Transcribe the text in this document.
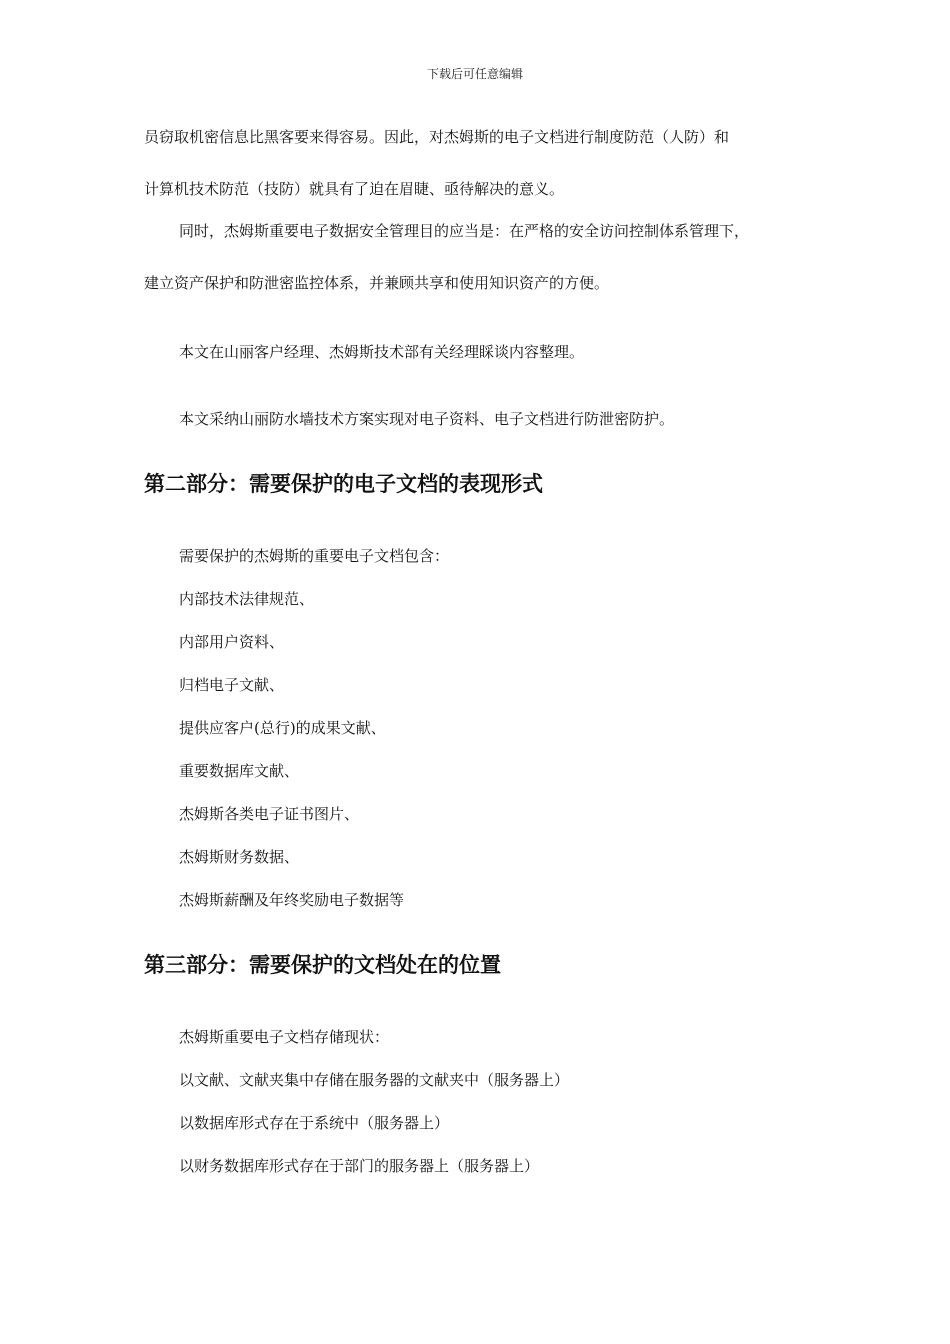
下载后可任意编辑
员窃取机密信息比黑客要来得容易。因此，对杰姆斯的电子文档进行制度防范（人防）和
计算机技术防范（技防）就具有了迫在眉睫、亟待解决的意义。
同时，杰姆斯重要电子数据安全管理目的应当是：在严格的安全访问控制体系管理下，
建立资产保护和防泄密监控体系，并兼顾共享和使用知识资产的方便。
本文在山丽客户经理、杰姆斯技术部有关经理睬谈内容整理。
本文采纳山丽防水墙技术方案实现对电子资料、电子文档进行防泄密防护。
第二部分：需要保护的电子文档的表现形式
需要保护的杰姆斯的重要电子文档包含：
内部技术法律规范、
内部用户资料、
归档电子文献、
提供应客户(总行)的成果文献、
重要数据库文献、
杰姆斯各类电子证书图片、
杰姆斯财务数据、
杰姆斯薪酬及年终奖励电子数据等
第三部分：需要保护的文档处在的位置
杰姆斯重要电子文档存储现状：
以文献、文献夹集中存储在服务器的文献夹中（服务器上）
以数据库形式存在于系统中（服务器上）
以财务数据库形式存在于部门的服务器上（服务器上）
